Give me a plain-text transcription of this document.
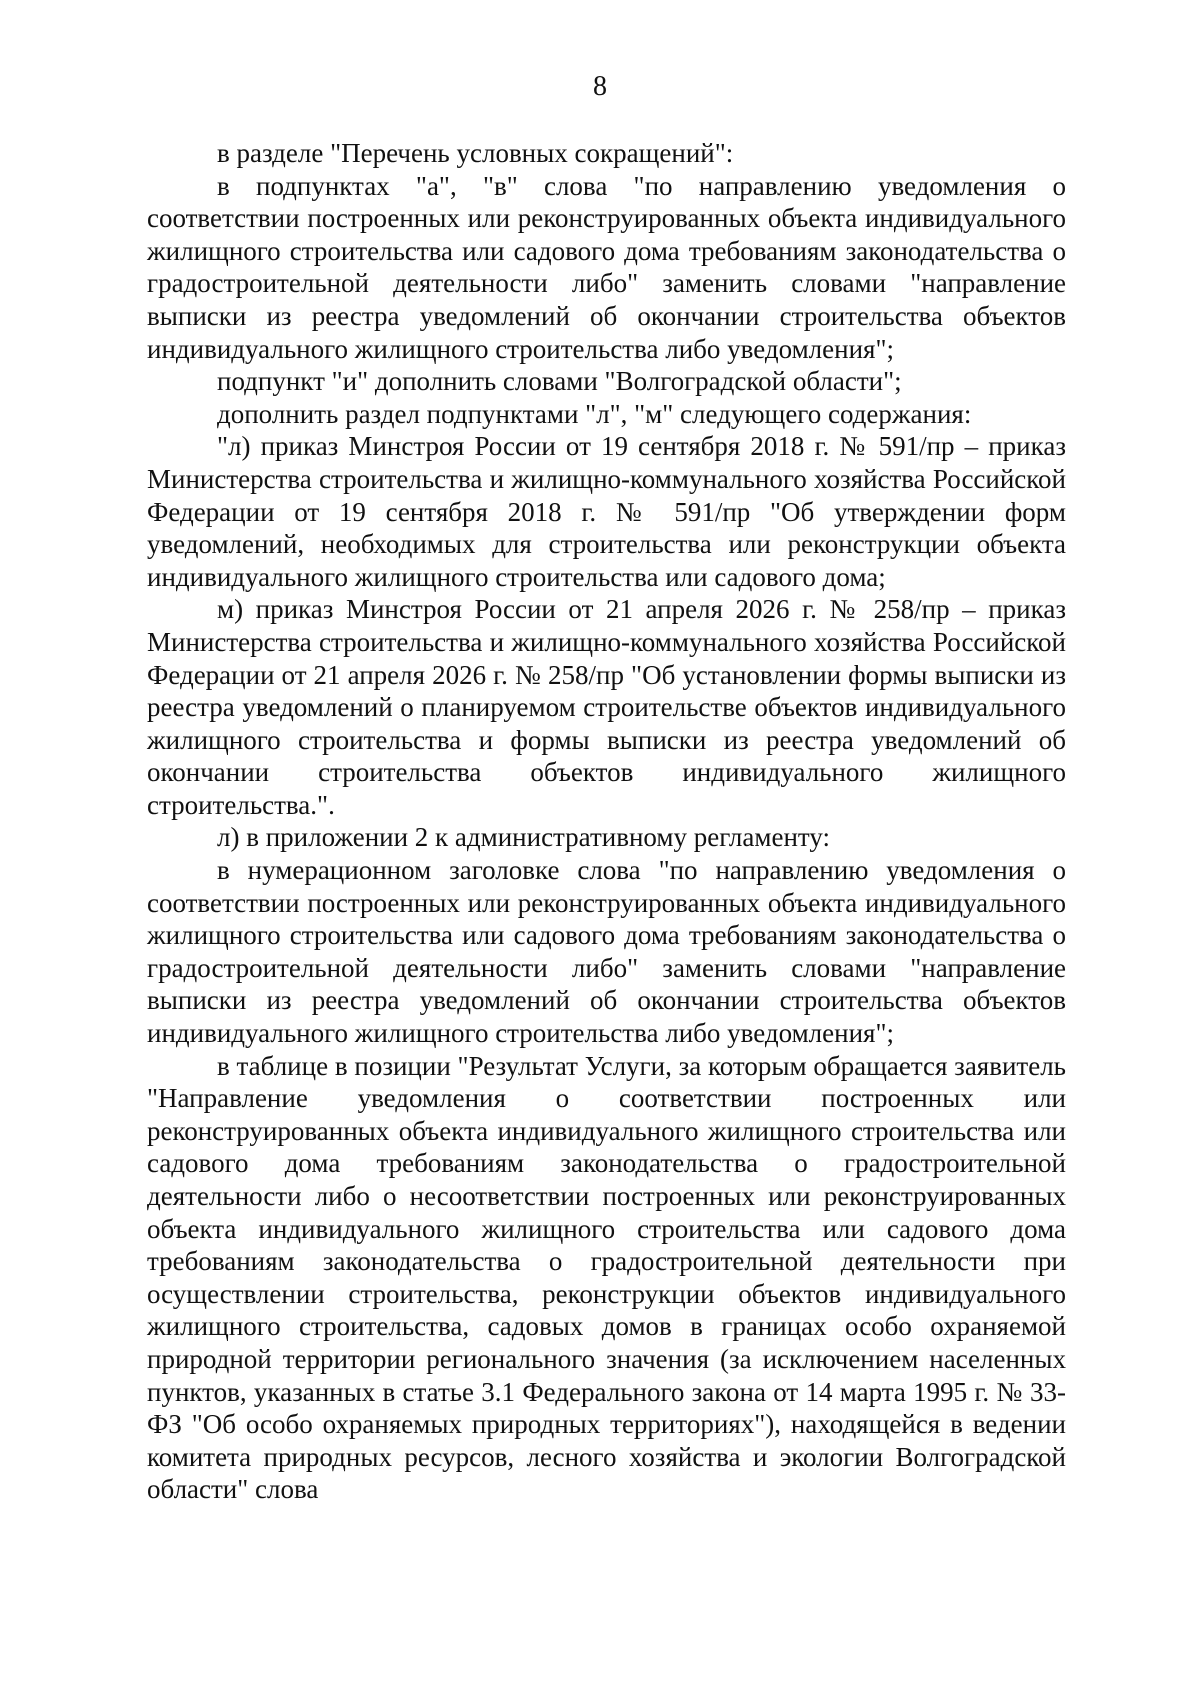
8

в разделе "Перечень условных сокращений":

в подпунктах "а", "в" слова "по направлению уведомления о соответствии построенных или реконструированных объекта индивидуального жилищного строительства или садового дома требованиям законодательства о градостроительной деятельности либо" заменить словами "направление выписки из реестра уведомлений об окончании строительства объектов индивидуального жилищного строительства либо уведомления";

подпункт "и" дополнить словами "Волгоградской области";

дополнить раздел подпунктами "л", "м" следующего содержания:

"л) приказ Минстроя России от 19 сентября 2018 г. № 591/пр – приказ Министерства строительства и жилищно-коммунального хозяйства Российской Федерации от 19 сентября 2018 г. № 591/пр "Об утверждении форм уведомлений, необходимых для строительства или реконструкции объекта индивидуального жилищного строительства или садового дома;

м) приказ Минстроя России от 21 апреля 2026 г. № 258/пр – приказ Министерства строительства и жилищно-коммунального хозяйства Российской Федерации от 21 апреля 2026 г. № 258/пр "Об установлении формы выписки из реестра уведомлений о планируемом строительстве объектов индивидуального жилищного строительства и формы выписки из реестра уведомлений об окончании строительства объектов индивидуального жилищного строительства.".

л) в приложении 2 к административному регламенту:

в нумерационном заголовке слова "по направлению уведомления о соответствии построенных или реконструированных объекта индивидуального жилищного строительства или садового дома требованиям законодательства о градостроительной деятельности либо" заменить словами "направление выписки из реестра уведомлений об окончании строительства объектов индивидуального жилищного строительства либо уведомления";

в таблице в позиции "Результат Услуги, за которым обращается заявитель "Направление уведомления о соответствии построенных или реконструированных объекта индивидуального жилищного строительства или садового дома требованиям законодательства о градостроительной деятельности либо о несоответствии построенных или реконструированных объекта индивидуального жилищного строительства или садового дома требованиям законодательства о градостроительной деятельности при осуществлении строительства, реконструкции объектов индивидуального жилищного строительства, садовых домов в границах особо охраняемой природной территории регионального значения (за исключением населенных пунктов, указанных в статье 3.1 Федерального закона от 14 марта 1995 г. № 33-ФЗ "Об особо охраняемых природных территориях"), находящейся в ведении комитета природных ресурсов, лесного хозяйства и экологии Волгоградской области" слова
